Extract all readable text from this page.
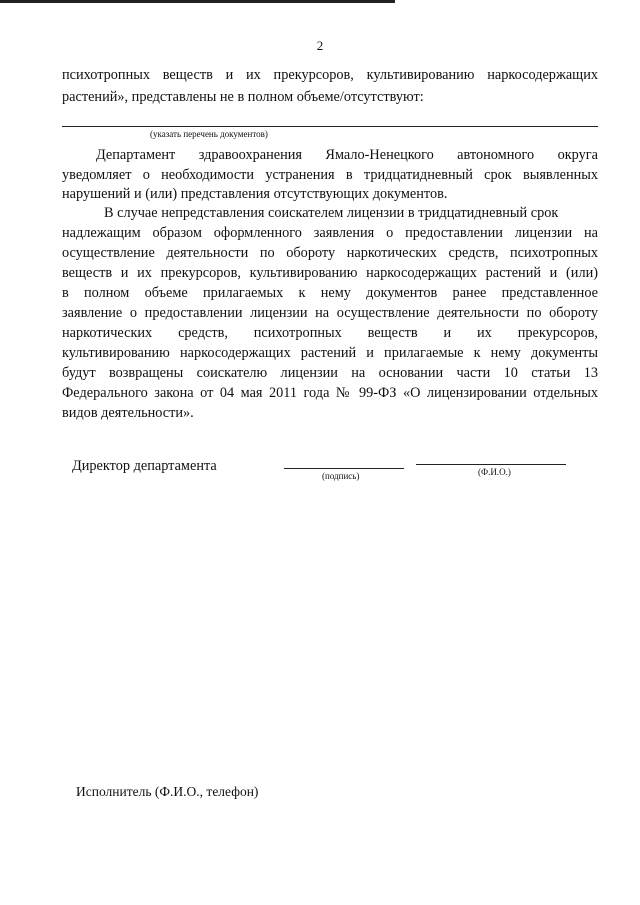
2
психотропных веществ и их прекурсоров, культивированию наркосодержащих
растений», представлены не в полном объеме/отсутствуют:
(указать перечень документов)
Департамент здравоохранения Ямало-Ненецкого автономного округа
уведомляет о необходимости устранения в тридцатидневный срок выявленных
нарушений и (или) представления отсутствующих документов.
В случае непредставления соискателем лицензии в тридцатидневный срок
надлежащим образом оформленного заявления о предоставлении лицензии на
осуществление деятельности по обороту наркотических средств, психотропных
веществ и их прекурсоров, культивированию наркосодержащих растений и (или)
в полном объеме прилагаемых к нему документов ранее представленное
заявление о предоставлении лицензии на осуществление деятельности по обороту
наркотических средств, психотропных веществ и их прекурсоров,
культивированию наркосодержащих растений и прилагаемые к нему документы
будут возвращены соискателю лицензии на основании части 10 статьи 13
Федерального закона от 04 мая 2011 года № 99-ФЗ «О лицензировании отдельных
видов деятельности».
Директор департамента
(подпись)	(Ф.И.О.)
Исполнитель (Ф.И.О., телефон)
